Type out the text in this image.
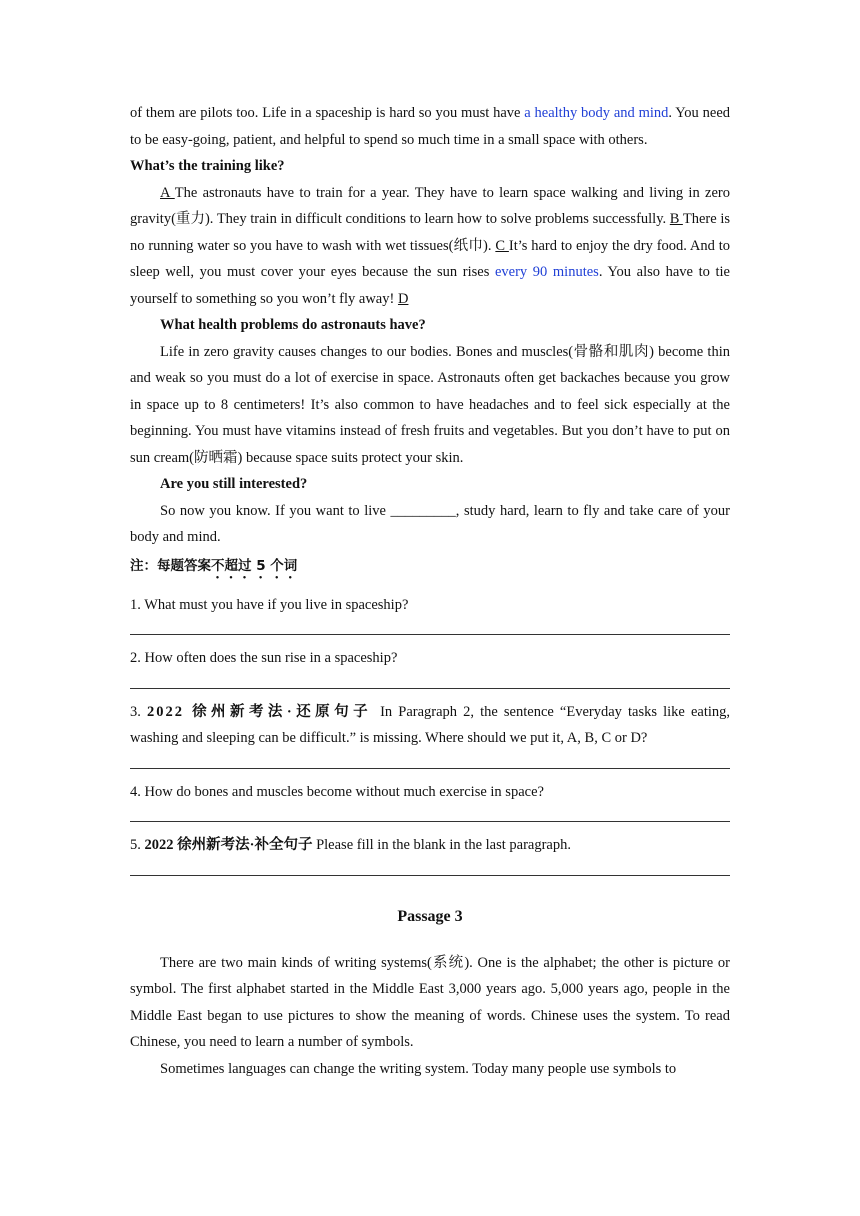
of them are pilots too. Life in a spaceship is hard so you must have a healthy body and mind. You need to be easy-going, patient, and helpful to spend so much time in a small space with others.

What’s the training like?

A The astronauts have to train for a year. They have to learn space walking and living in zero gravity(重力). They train in difficult conditions to learn how to solve problems successfully. B There is no running water so you have to wash with wet tissues(纸巾). C It’s hard to enjoy the dry food. And to sleep well, you must cover your eyes because the sun rises every 90 minutes. You also have to tie yourself to something so you won’t fly away! D

What health problems do astronauts have?

Life in zero gravity causes changes to our bodies. Bones and muscles(骨骼和肌肉) become thin and weak so you must do a lot of exercise in space. Astronauts often get backaches because you grow in space up to 8 centimeters! It’s also common to have headaches and to feel sick especially at the beginning. You must have vitamins instead of fresh fruits and vegetables. But you don’t have to put on sun cream(防晒霜) because space suits protect your skin.

Are you still interested?

So now you know. If you want to live _________, study hard, learn to fly and take care of your body and mind.

注：每题答案不超过 5 个词

1. What must you have if you live in spaceship?

2. How often does the sun rise in a spaceship?

3. 2022 徐州新考法·还原句子 In Paragraph 2, the sentence “Everyday tasks like eating, washing and sleeping can be difficult.” is missing. Where should we put it, A, B, C or D?

4. How do bones and muscles become without much exercise in space?

5. 2022 徐州新考法·补全句子 Please fill in the blank in the last paragraph.

Passage 3

There are two main kinds of writing systems(系统). One is the alphabet; the other is picture or symbol. The first alphabet started in the Middle East 3,000 years ago. 5,000 years ago, people in the Middle East began to use pictures to show the meaning of words. Chinese uses the system. To read Chinese, you need to learn a number of symbols.

Sometimes languages can change the writing system. Today many people use symbols to
